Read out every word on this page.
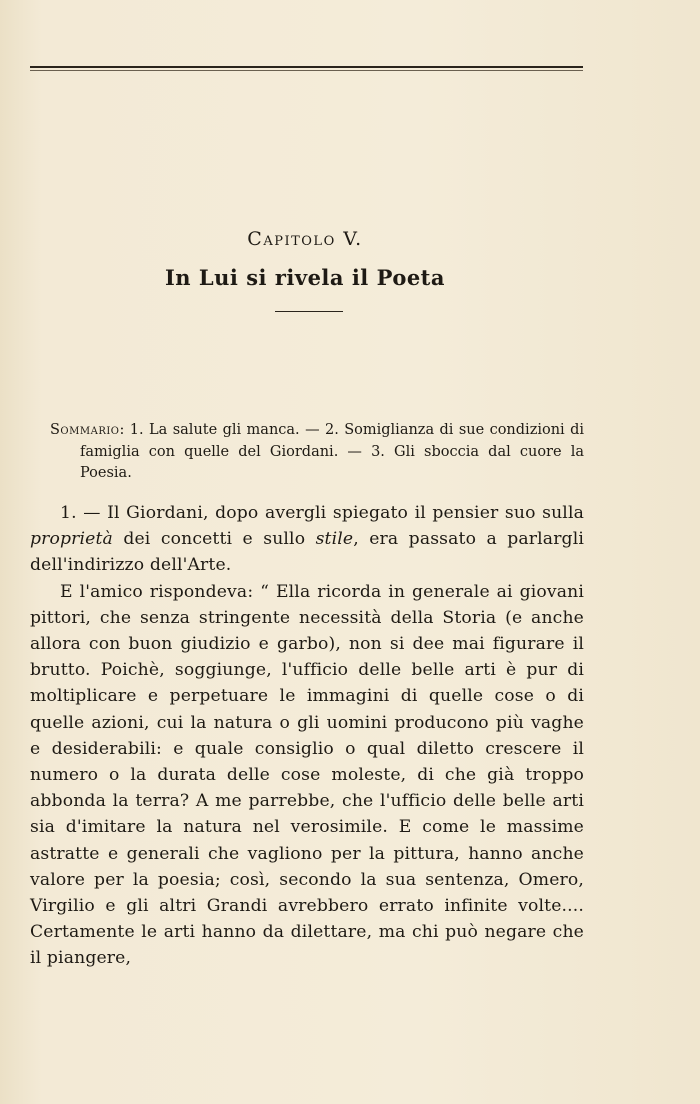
Capitolo V.
In Lui si rivela il Poeta
Sommario: 1. La salute gli manca. — 2. Somiglianza di sue condizioni di famiglia con quelle del Giordani. — 3. Gli sboccia dal cuore la Poesia.

1. — Il Giordani, dopo avergli spiegato il pensier suo sulla proprietà dei concetti e sullo stile, era passato a parlargli dell'indirizzo dell'Arte.

E l'amico rispondeva: “ Ella ricorda in generale ai giovani pittori, che senza stringente necessità della Storia (e anche allora con buon giudizio e garbo), non si dee mai figurare il brutto. Poichè, soggiunge, l'ufficio delle belle arti è pur di moltiplicare e perpetuare le immagini di quelle cose o di quelle azioni, cui la natura o gli uomini producono più vaghe e desiderabili: e quale consiglio o qual diletto crescere il numero o la durata delle cose moleste, di che già troppo abbonda la terra? A me parrebbe, che l'ufficio delle belle arti sia d'imitare la natura nel verosimile. E come le massime astratte e generali che vagliono per la pittura, hanno anche valore per la poesia; così, secondo la sua sentenza, Omero, Virgilio e gli altri Grandi avrebbero errato infinite volte.... Certamente le arti hanno da dilettare, ma chi può negare che il piangere,
